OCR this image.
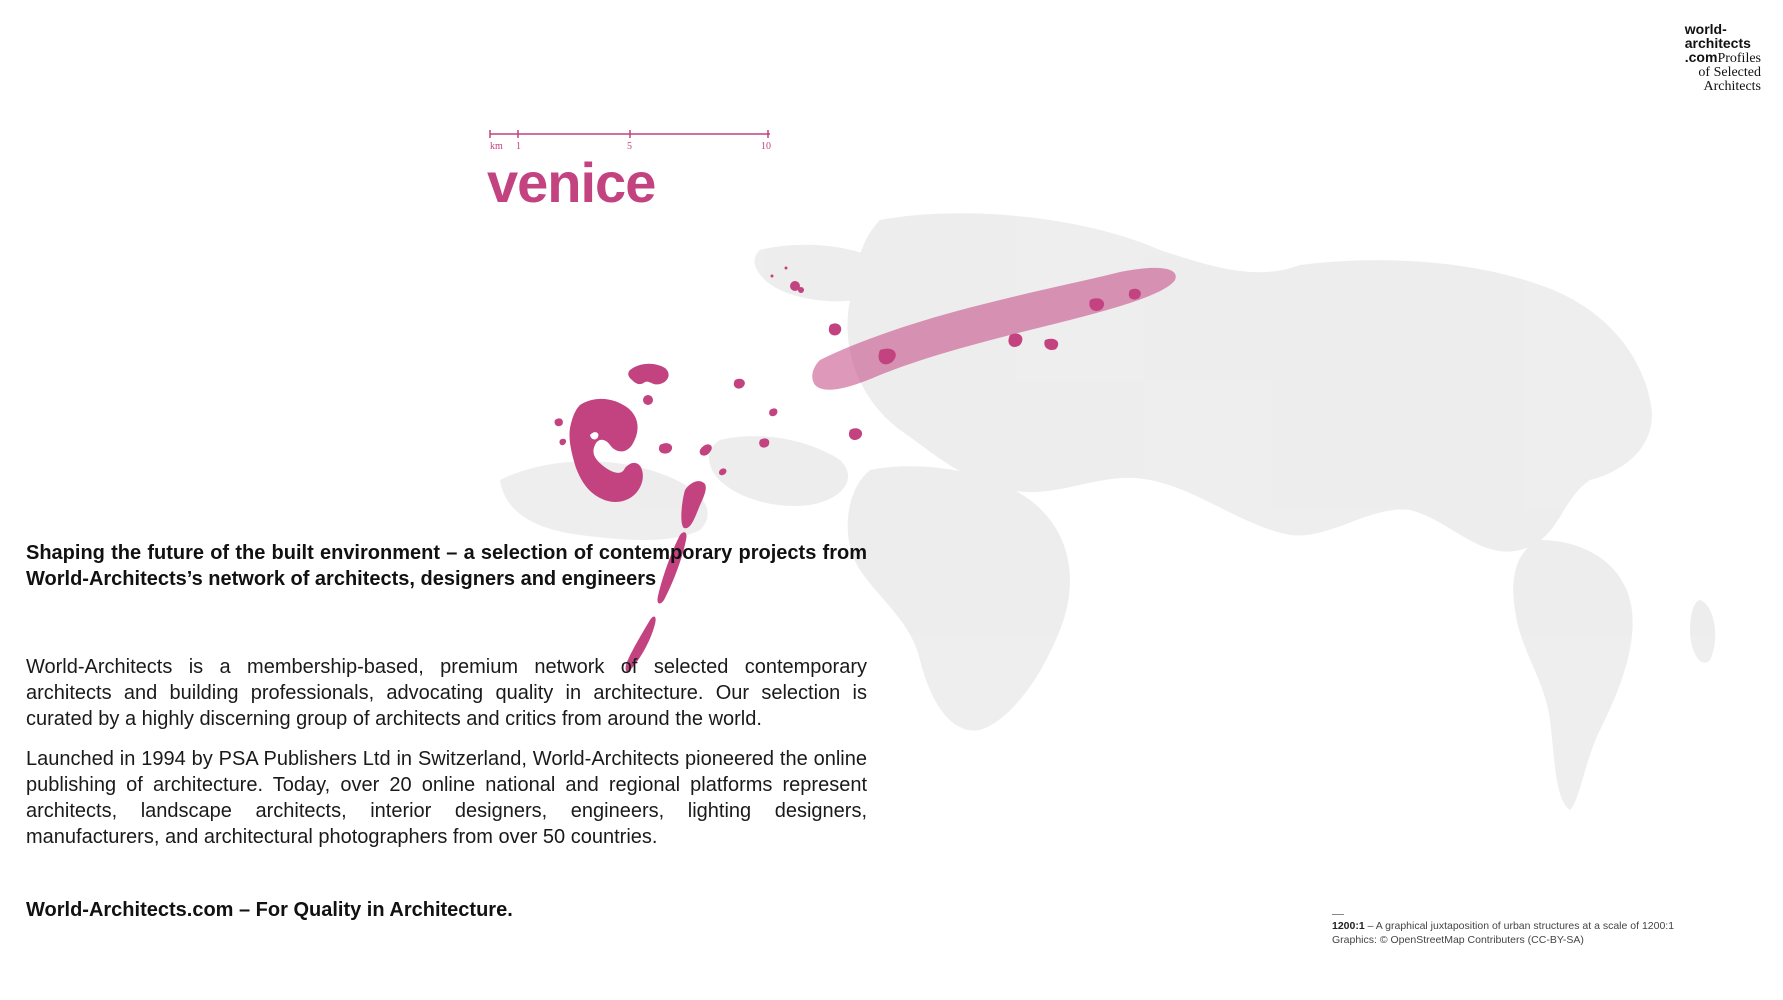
world-
architects
.comProfiles
of Selected
Architects
km 1	5	10
venice

Shaping the future of the built environment – a selection of contemporary projects from World-Architects’s network of architects, designers and engineers

World-Architects is a membership-based, premium network of selected contemporary architects and building professionals, advocating quality in architecture. Our selection is curated by a highly discerning group of architects and critics from around the world.

Launched in 1994 by PSA Publishers Ltd in Switzerland, World-Architects pioneered the online publishing of architecture. Today, over 20 online national and regional platforms represent architects, landscape architects, interior designers, engineers, lighting designers, manufacturers, and architectural photographers from over 50 countries.

World-Architects.com – For Quality in Architecture.

1200:1 – A graphical juxtaposition of urban structures at a scale of 1200:1
Graphics: © OpenStreetMap Contributers (CC-BY-SA)
